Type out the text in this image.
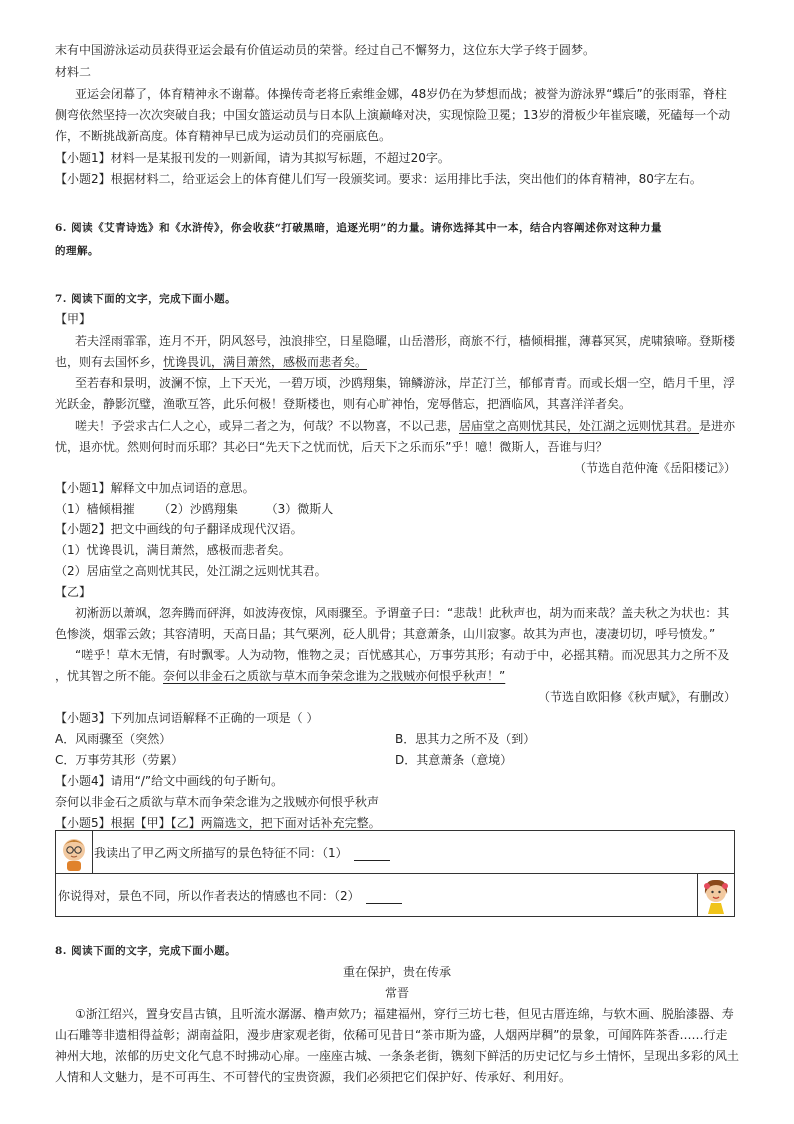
末有中国游泳运动员获得亚运会最有价值运动员的荣誉。经过自己不懈努力，这位东大学子终于圆梦。
材料二
亚运会闭幕了，体育精神永不谢幕。体操传奇老将丘索维金娜，48岁仍在为梦想而战；被誉为游泳界“蝶后”的张雨霏，脊柱
侧弯依然坚持一次次突破自我；中国女篮运动员与日本队上演巅峰对决，实现惊险卫冕；13岁的滑板少年崔宸曦，死磕每一个动
作，不断挑战新高度。体育精神早已成为运动员们的亮丽底色。
【小题1】材料一是某报刊发的一则新闻，请为其拟写标题，不超过20字。
【小题2】根据材料二，给亚运会上的体育健儿们写一段颁奖词。要求：运用排比手法，突出他们的体育精神，80字左右。
6. 阅读《艾青诗选》和《水浒传》，你会收获“打破黑暗，追逐光明”的力量。请你选择其中一本，结合内容阐述你对这种力量
的理解。
7. 阅读下面的文字，完成下面小题。
【甲】
若夫淫雨霏霏，连月不开，阴风怒号，浊浪排空，日星隐曜，山岳潜形，商旅不行，樯倾楫摧，薄暮冥冥，虎啸猿啼。登斯楼
也，则有去国怀乡，忧谗畏讥，满目萧然，感极而悲者矣。
至若春和景明，波澜不惊，上下天光，一碧万顷，沙鸥翔集，锦鳞游泳，岸芷汀兰，郁郁青青。而或长烟一空，皓月千里，浮
光跃金，静影沉璧，渔歌互答，此乐何极！登斯楼也，则有心旷神怡，宠辱偕忘，把酒临风，其喜洋洋者矣。
嗟夫！予尝求古仁人之心，或异二者之为，何哉？不以物喜，不以己悲，居庙堂之高则忧其民，处江湖之远则忧其君。是进亦
忧，退亦忧。然则何时而乐耶？其必曰“先天下之忧而忧，后天下之乐而乐”乎！噫！微斯人，吾谁与归？
（节选自范仲淹《岳阳楼记》）
【小题1】解释文中加点词语的意思。
（1）樯倾楫摧 （2）沙鸥翔集 （3）微斯人
【小题2】把文中画线的句子翻译成现代汉语。
（1）忧谗畏讥，满目萧然，感极而悲者矣。
（2）居庙堂之高则忧其民，处江湖之远则忧其君。
【乙】
初淅沥以萧飒，忽奔腾而砰湃，如波涛夜惊，风雨骤至。予谓童子曰：“悲哉！此秋声也，胡为而来哉？盖夫秋之为状也：其
色惨淡，烟霏云敛；其容清明，天高日晶；其气栗冽，砭人肌骨；其意萧条，山川寂寥。故其为声也，凄凄切切，呼号愤发。”
“嗟乎！草木无情，有时飘零。人为动物，惟物之灵；百忧感其心，万事劳其形；有动于中，必摇其精。而况思其力之所不及
，忧其智之所不能。奈何以非金石之质欲与草木而争荣念谁为之戕贼亦何恨乎秋声！”
（节选自欧阳修《秋声赋》，有删改）
【小题3】下列加点词语解释不正确的一项是（ ）
A．风雨骤至（突然）	B．思其力之所不及（到）
C．万事劳其形（劳累）	D．其意萧条（意境）
【小题4】请用“/”给文中画线的句子断句。
奈何以非金石之质欲与草木而争荣念谁为之戕贼亦何恨乎秋声
【小题5】根据【甲】【乙】两篇选文，把下面对话补充完整。
我读出了甲乙两文所描写的景色特征不同：（1）
你说得对，景色不同，所以作者表达的情感也不同：（2）
8. 阅读下面的文字，完成下面小题。
重在保护，贵在传承
常晋
①浙江绍兴，置身安昌古镇，且听流水潺潺、橹声欸乃；福建福州，穿行三坊七巷，但见古厝连绵，与软木画、脱胎漆器、寿
山石雕等非遗相得益彰；湖南益阳，漫步唐家观老街，依稀可见昔日“茶市斯为盛，人烟两岸稠”的景象，可闻阵阵茶香……行走
神州大地，浓郁的历史文化气息不时拂动心扉。一座座古城、一条条老街，镌刻下鲜活的历史记忆与乡土情怀，呈现出多彩的风土
人情和人文魅力，是不可再生、不可替代的宝贵资源，我们必须把它们保护好、传承好、利用好。
